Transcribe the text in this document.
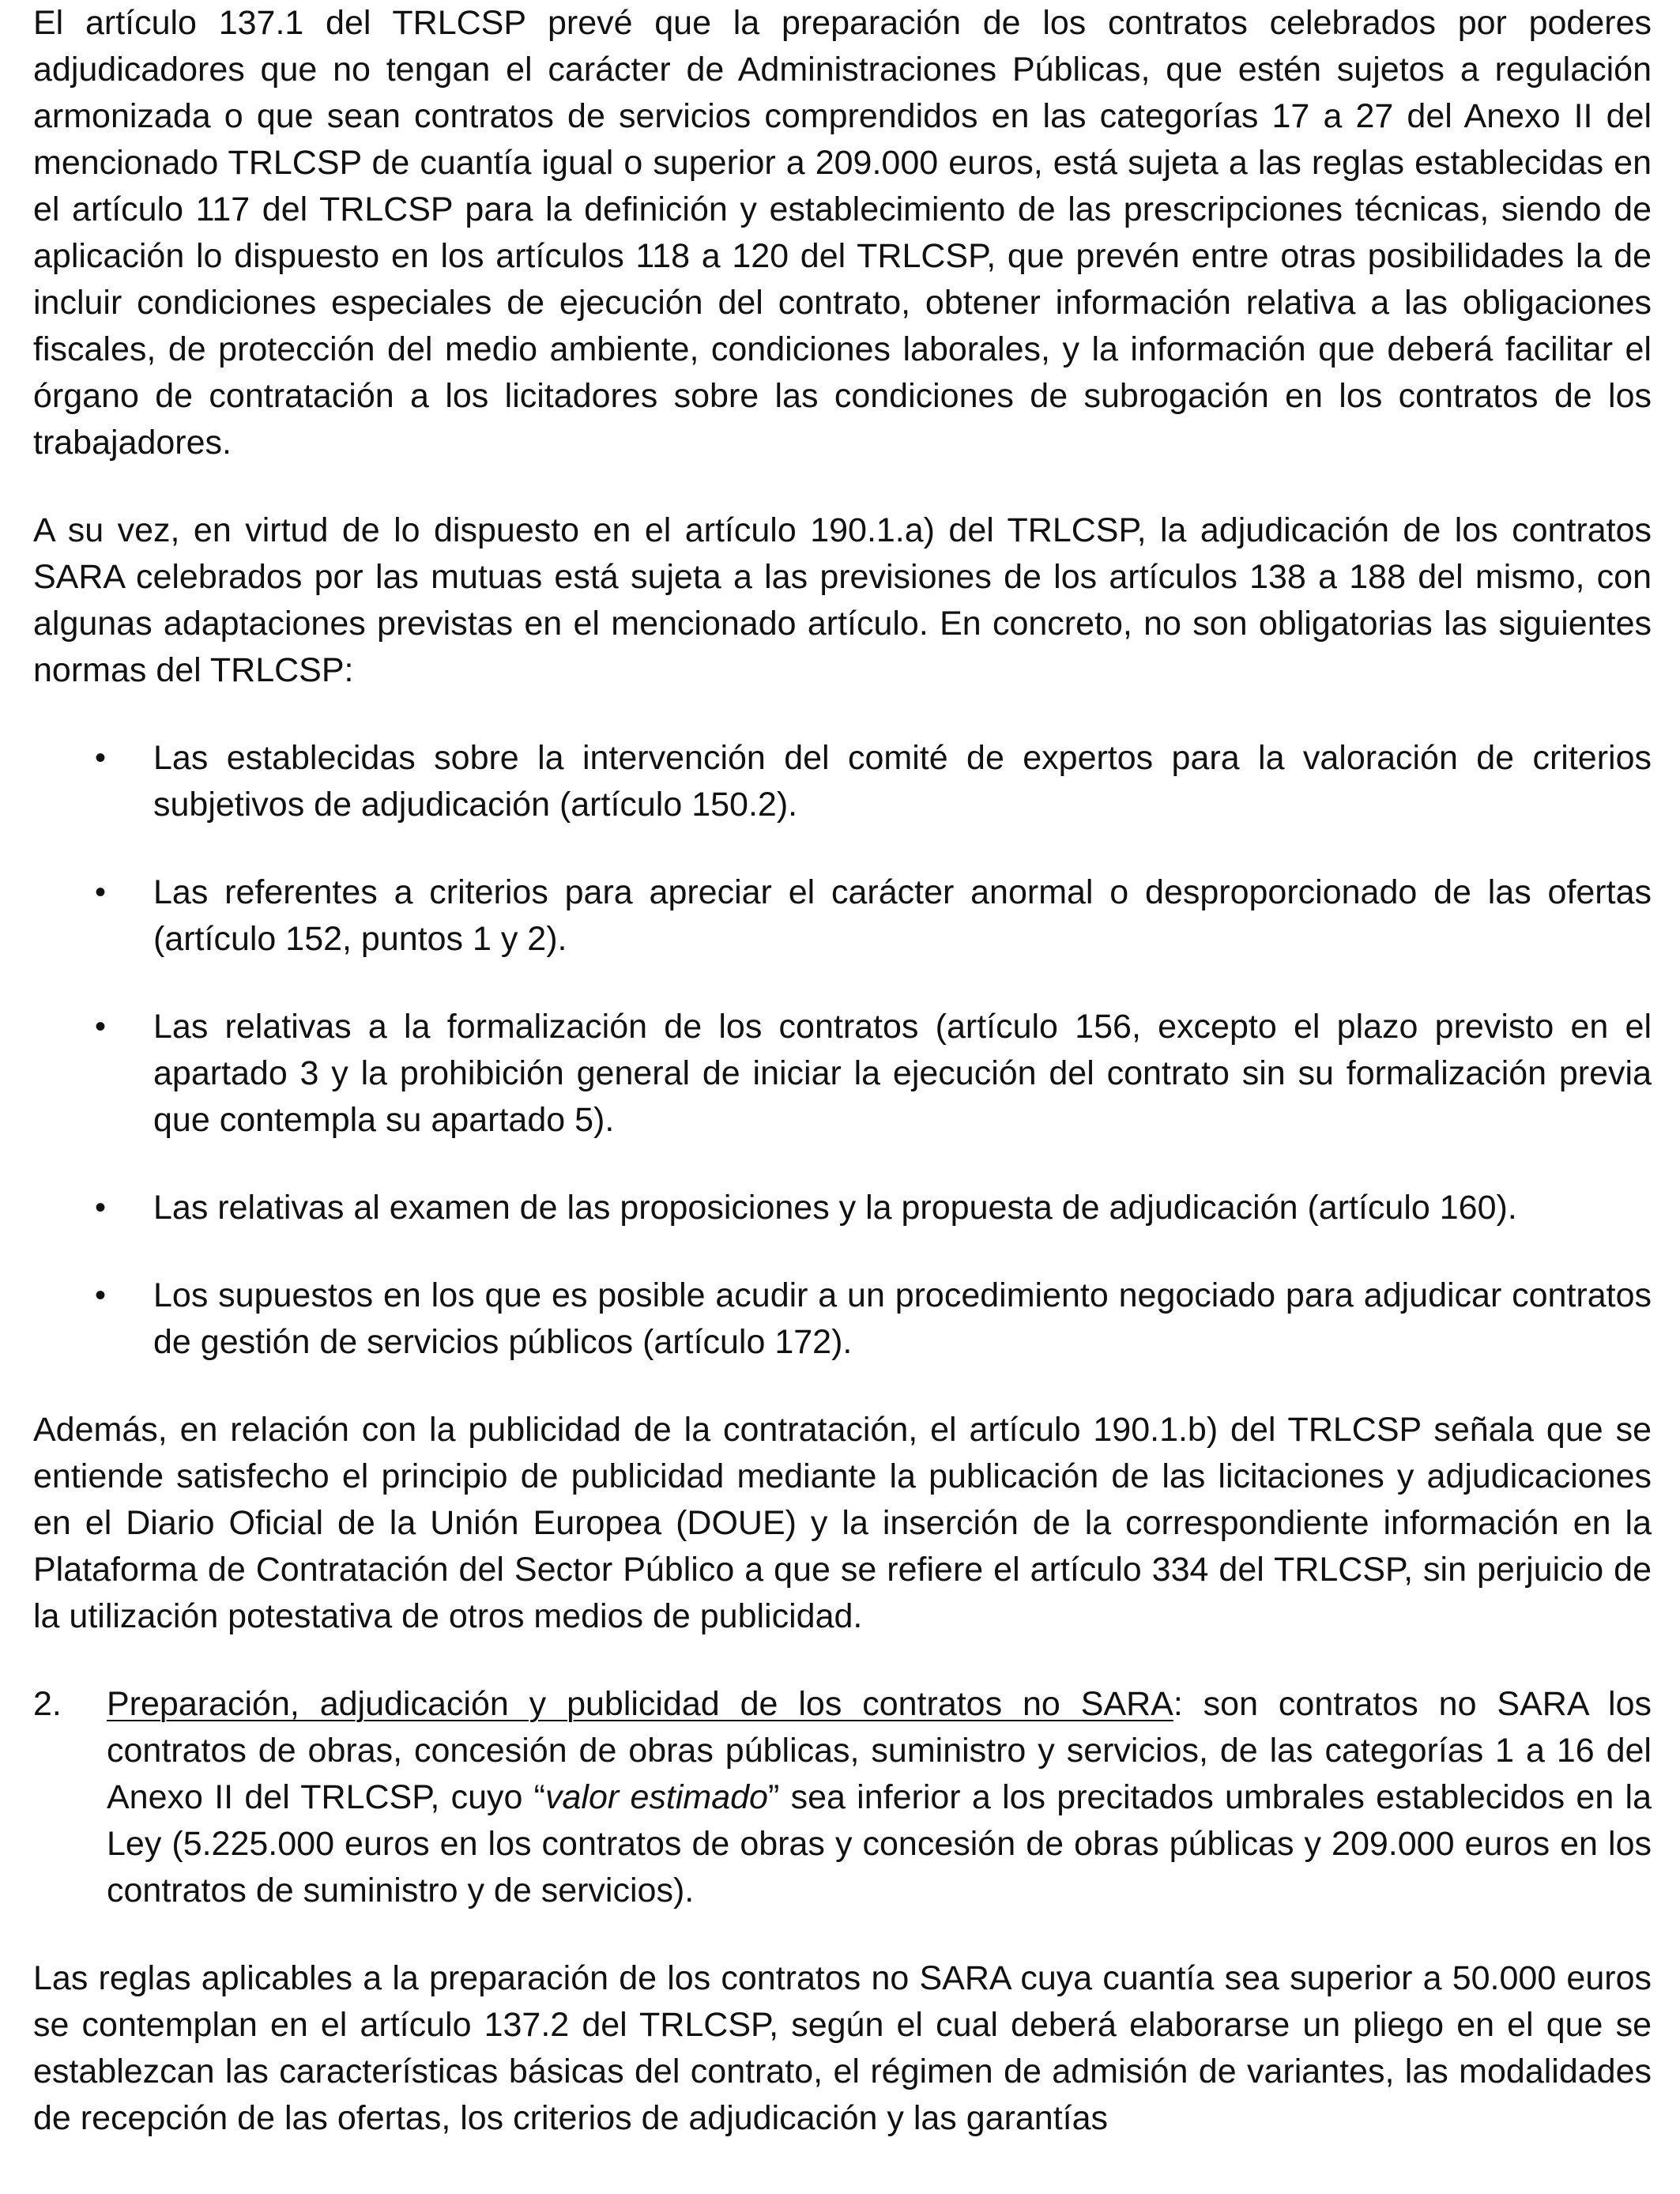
El artículo 137.1 del TRLCSP prevé que la preparación de los contratos celebrados por poderes adjudicadores que no tengan el carácter de Administraciones Públicas, que estén sujetos a regulación armonizada o que sean contratos de servicios comprendidos en las categorías 17 a 27 del Anexo II del mencionado TRLCSP de cuantía igual o superior a 209.000 euros, está sujeta a las reglas establecidas en el artículo 117 del TRLCSP para la definición y establecimiento de las prescripciones técnicas, siendo de aplicación lo dispuesto en los artículos 118 a 120 del TRLCSP, que prevén entre otras posibilidades la de incluir condiciones especiales de ejecución del contrato, obtener información relativa a las obligaciones fiscales, de protección del medio ambiente, condiciones laborales, y la información que deberá facilitar el órgano de contratación a los licitadores sobre las condiciones de subrogación en los contratos de los trabajadores.

A su vez, en virtud de lo dispuesto en el artículo 190.1.a) del TRLCSP, la adjudicación de los contratos SARA celebrados por las mutuas está sujeta a las previsiones de los artículos 138 a 188 del mismo, con algunas adaptaciones previstas en el mencionado artículo. En concreto, no son obligatorias las siguientes normas del TRLCSP:

• Las establecidas sobre la intervención del comité de expertos para la valoración de criterios subjetivos de adjudicación (artículo 150.2).
• Las referentes a criterios para apreciar el carácter anormal o desproporcionado de las ofertas (artículo 152, puntos 1 y 2).
• Las relativas a la formalización de los contratos (artículo 156, excepto el plazo previsto en el apartado 3 y la prohibición general de iniciar la ejecución del contrato sin su formalización previa que contempla su apartado 5).
• Las relativas al examen de las proposiciones y la propuesta de adjudicación (artículo 160).
• Los supuestos en los que es posible acudir a un procedimiento negociado para adjudicar contratos de gestión de servicios públicos (artículo 172).

Además, en relación con la publicidad de la contratación, el artículo 190.1.b) del TRLCSP señala que se entiende satisfecho el principio de publicidad mediante la publicación de las licitaciones y adjudicaciones en el Diario Oficial de la Unión Europea (DOUE) y la inserción de la correspondiente información en la Plataforma de Contratación del Sector Público a que se refiere el artículo 334 del TRLCSP, sin perjuicio de la utilización potestativa de otros medios de publicidad.

2. Preparación, adjudicación y publicidad de los contratos no SARA: son contratos no SARA los contratos de obras, concesión de obras públicas, suministro y servicios, de las categorías 1 a 16 del Anexo II del TRLCSP, cuyo “valor estimado” sea inferior a los precitados umbrales establecidos en la Ley (5.225.000 euros en los contratos de obras y concesión de obras públicas y 209.000 euros en los contratos de suministro y de servicios).

Las reglas aplicables a la preparación de los contratos no SARA cuya cuantía sea superior a 50.000 euros se contemplan en el artículo 137.2 del TRLCSP, según el cual deberá elaborarse un pliego en el que se establezcan las características básicas del contrato, el régimen de admisión de variantes, las modalidades de recepción de las ofertas, los criterios de adjudicación y las garantías
